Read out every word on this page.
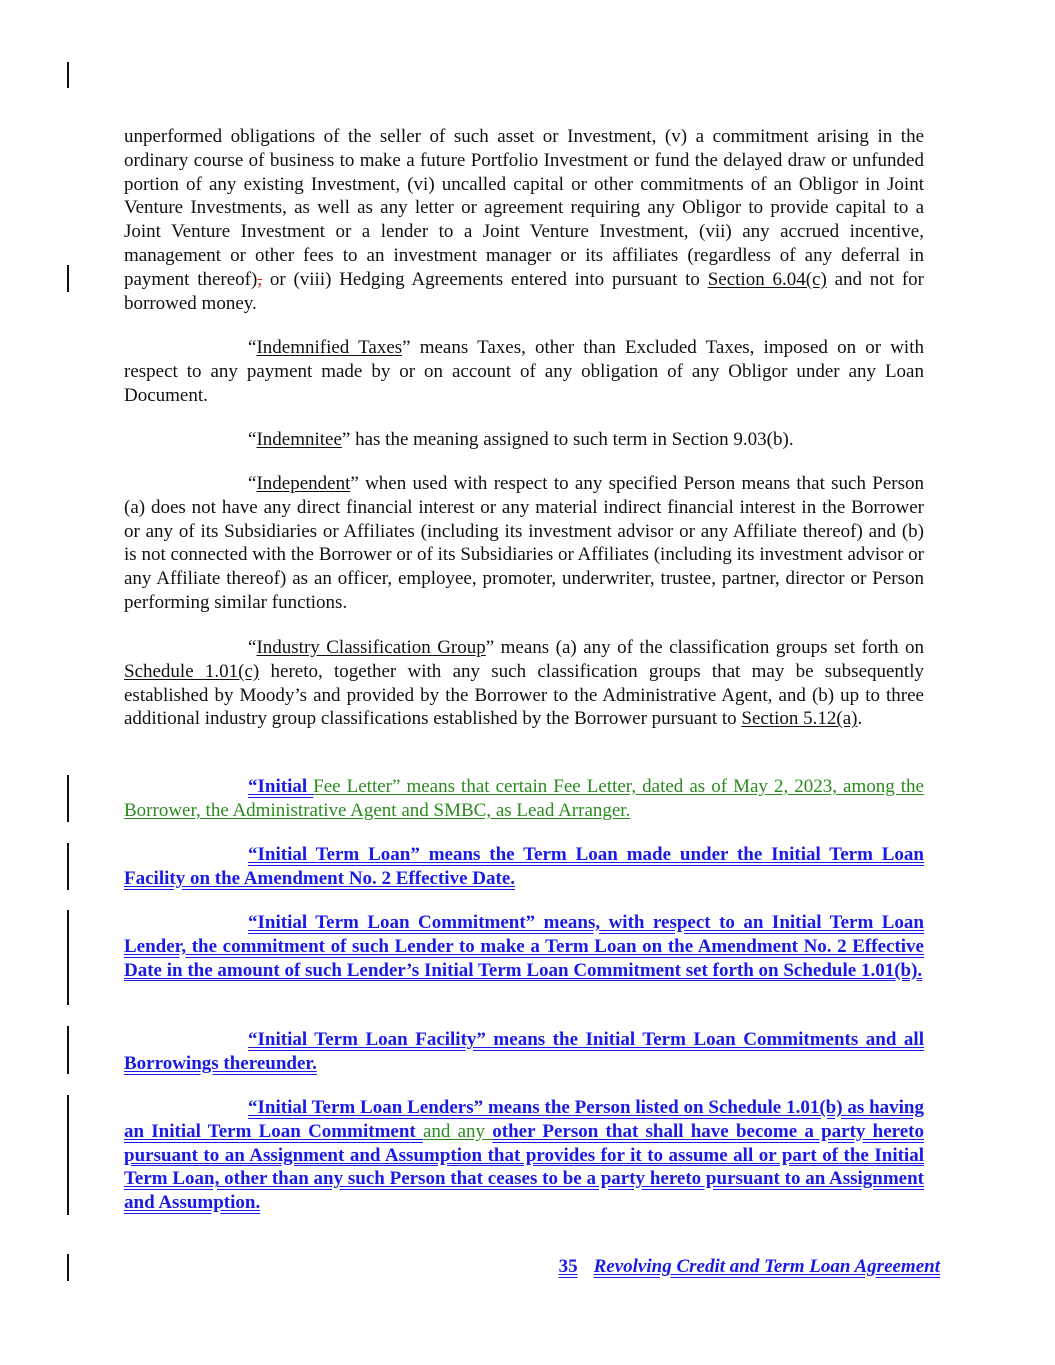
unperformed obligations of the seller of such asset or Investment, (v) a commitment arising in the ordinary course of business to make a future Portfolio Investment or fund the delayed draw or unfunded portion of any existing Investment, (vi) uncalled capital or other commitments of an Obligor in Joint Venture Investments, as well as any letter or agreement requiring any Obligor to provide capital to a Joint Venture Investment or a lender to a Joint Venture Investment, (vii) any accrued incentive, management or other fees to an investment manager or its affiliates (regardless of any deferral in payment thereof), or (viii) Hedging Agreements entered into pursuant to Section 6.04(c) and not for borrowed money.
“Indemnified Taxes” means Taxes, other than Excluded Taxes, imposed on or with respect to any payment made by or on account of any obligation of any Obligor under any Loan Document.
“Indemnitee” has the meaning assigned to such term in Section 9.03(b).
“Independent” when used with respect to any specified Person means that such Person (a) does not have any direct financial interest or any material indirect financial interest in the Borrower or any of its Subsidiaries or Affiliates (including its investment advisor or any Affiliate thereof) and (b) is not connected with the Borrower or of its Subsidiaries or Affiliates (including its investment advisor or any Affiliate thereof) as an officer, employee, promoter, underwriter, trustee, partner, director or Person performing similar functions.
“Industry Classification Group” means (a) any of the classification groups set forth on Schedule 1.01(c) hereto, together with any such classification groups that may be subsequently established by Moody’s and provided by the Borrower to the Administrative Agent, and (b) up to three additional industry group classifications established by the Borrower pursuant to Section 5.12(a).
“Initial Fee Letter” means that certain Fee Letter, dated as of May 2, 2023, among the Borrower, the Administrative Agent and SMBC, as Lead Arranger.
“Initial Term Loan” means the Term Loan made under the Initial Term Loan Facility on the Amendment No. 2 Effective Date.
“Initial Term Loan Commitment” means, with respect to an Initial Term Loan Lender, the commitment of such Lender to make a Term Loan on the Amendment No. 2 Effective Date in the amount of such Lender’s Initial Term Loan Commitment set forth on Schedule 1.01(b).
“Initial Term Loan Facility” means the Initial Term Loan Commitments and all Borrowings thereunder.
“Initial Term Loan Lenders” means the Person listed on Schedule 1.01(b) as having an Initial Term Loan Commitment and any other Person that shall have become a party hereto pursuant to an Assignment and Assumption that provides for it to assume all or part of the Initial Term Loan, other than any such Person that ceases to be a party hereto pursuant to an Assignment and Assumption.
35 Revolving Credit and Term Loan Agreement
